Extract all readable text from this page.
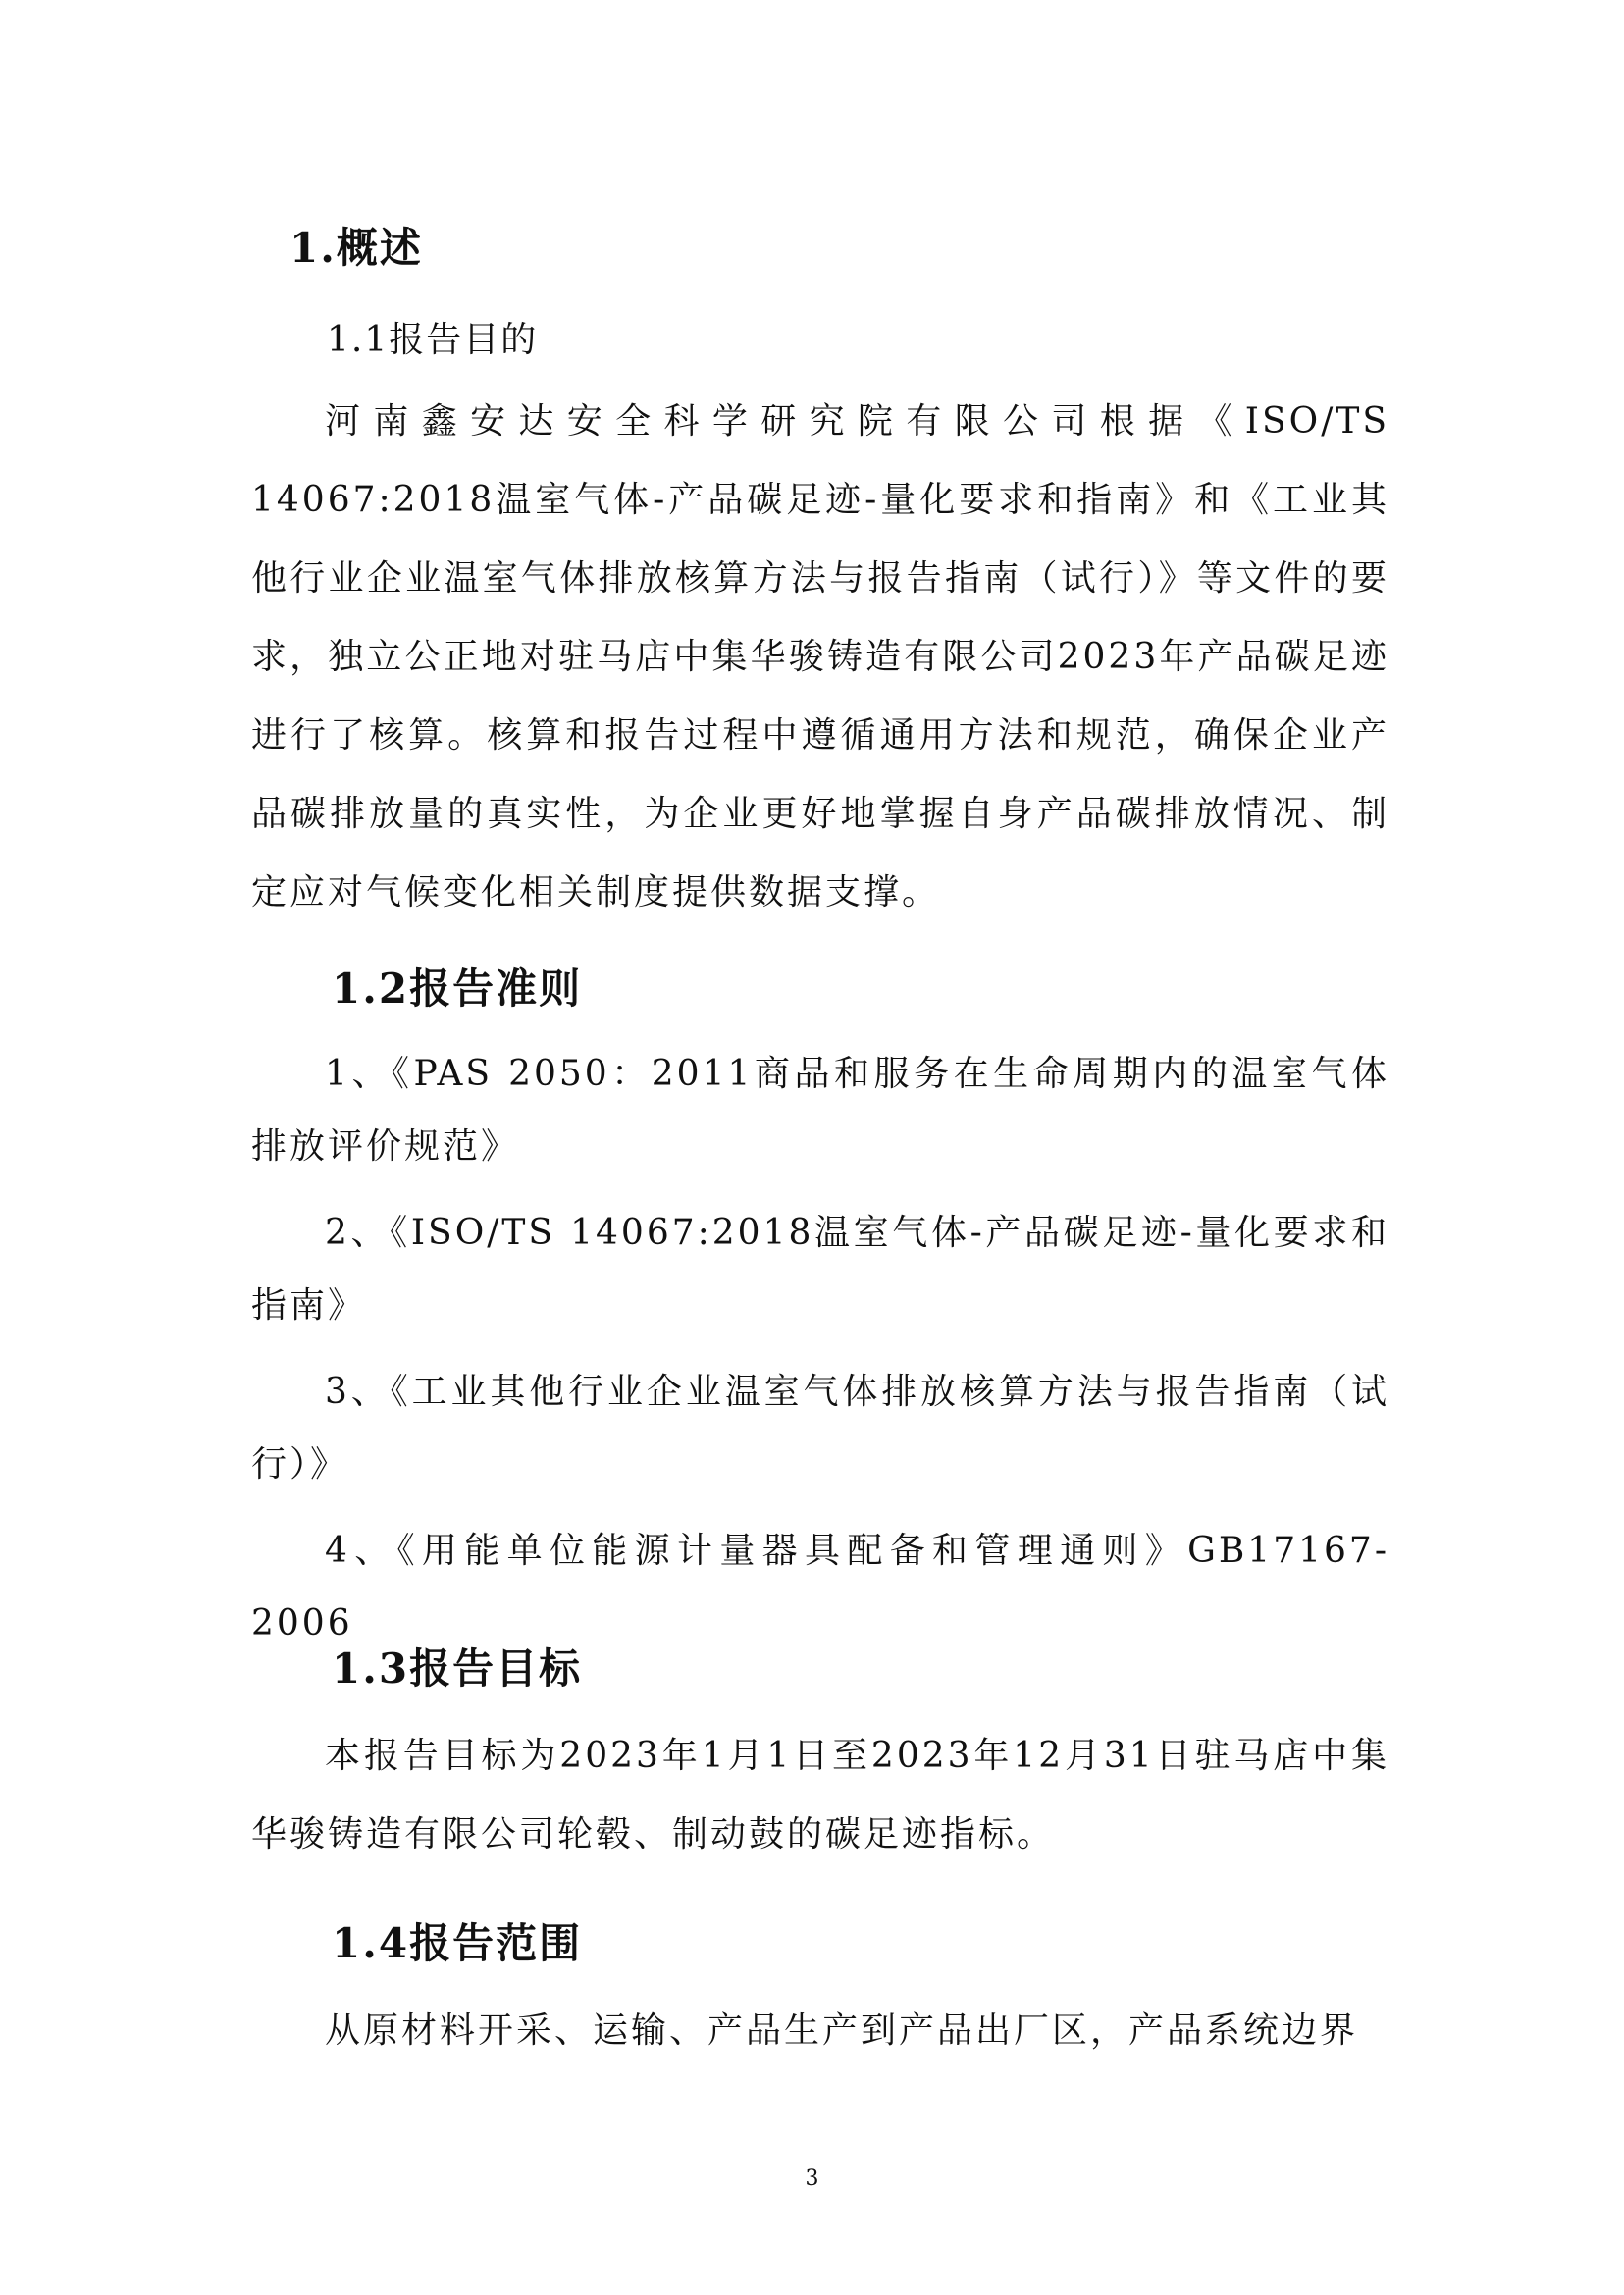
1.概述
1.1报告目的
河南鑫安达安全科学研究院有限公司根据《ISO/TS 14067:2018温室气体-产品碳足迹-量化要求和指南》和《工业其他行业企业温室气体排放核算方法与报告指南（试行）》等文件的要求，独立公正地对驻马店中集华骏铸造有限公司2023年产品碳足迹进行了核算。核算和报告过程中遵循通用方法和规范，确保企业产品碳排放量的真实性，为企业更好地掌握自身产品碳排放情况、制定应对气候变化相关制度提供数据支撑。
1.2报告准则
1、《PAS 2050：2011商品和服务在生命周期内的温室气体排放评价规范》
2、《ISO/TS 14067:2018温室气体-产品碳足迹-量化要求和指南》
3、《工业其他行业企业温室气体排放核算方法与报告指南（试行）》
4、《用能单位能源计量器具配备和管理通则》GB17167-2006
1.3报告目标
本报告目标为2023年1月1日至2023年12月31日驻马店中集华骏铸造有限公司轮毂、制动鼓的碳足迹指标。
1.4报告范围
从原材料开采、运输、产品生产到产品出厂区，产品系统边界
3
